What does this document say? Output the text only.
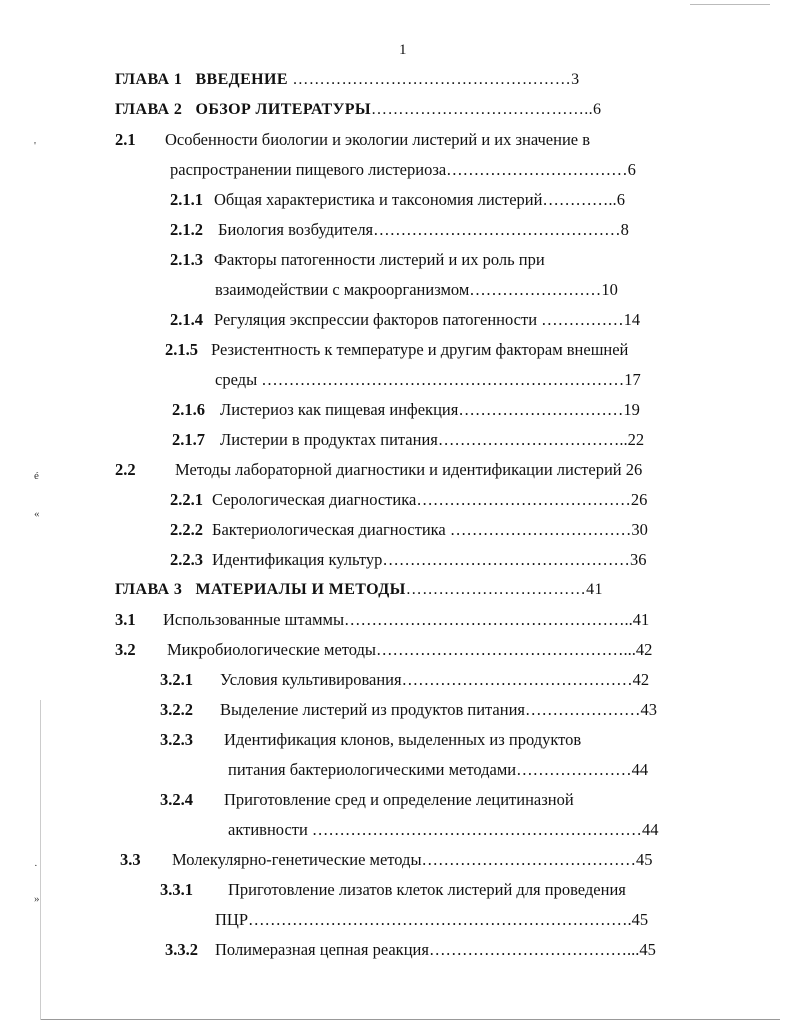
'
é
«
·
»
1
ГЛАВА 1 ВВЕДЕНИЕ ……………………………………………3
ГЛАВА 2 ОБЗОР ЛИТЕРАТУРЫ…………………………………..6
2.1 Особенности биологии и экологии листерий и их значение в
распространении пищевого листериоза……………………………6
2.1.1 Общая характеристика и таксономия листерий…………..6
2.1.2 Биология возбудителя………………………………………8
2.1.3 Факторы патогенности листерий и их роль при
взаимодействии с макроорганизмом……………………10
2.1.4 Регуляция экспрессии факторов патогенности ……………14
2.1.5 Резистентность к температуре и другим факторам внешней
среды …………………………………………………………17
2.1.6 Листериоз как пищевая инфекция…………………………19
2.1.7 Листерии в продуктах питания……………………………..22
2.2 Методы лабораторной диагностики и идентификации листерий 26
2.2.1 Серологическая диагностика…………………………………26
2.2.2 Бактериологическая диагностика ……………………………30
2.2.3 Идентификация культур………………………………………36
ГЛАВА 3 МАТЕРИАЛЫ И МЕТОДЫ……………………………41
3.1 Использованные штаммы……………………………………………..41
3.2 Микробиологические методы………………………………………...42
3.2.1 Условия культивирования……………………………………42
3.2.2 Выделение листерий из продуктов питания…………………43
3.2.3 Идентификация клонов, выделенных из продуктов
питания бактериологическими методами…………………44
3.2.4 Приготовление сред и определение лецитиназной
активности ……………………………………………………44
3.3 Молекулярно-генетические методы…………………………………45
3.3.1 Приготовление лизатов клеток листерий для проведения
ПЦР…………………………………………………………….45
3.3.2 Полимеразная цепная реакция………………………………...45
